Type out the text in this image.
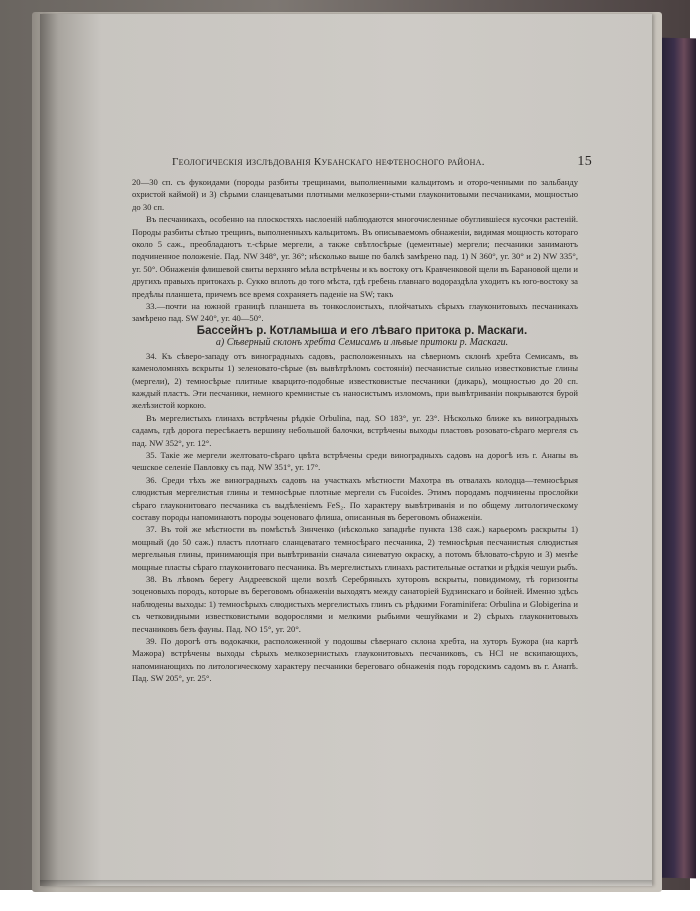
Геологическія изслѣдованія Кубанскаго нефтеносного района.	15

20—30 сп. съ фукоидами (породы разбиты трещинами, выполненными кальцитомъ и оторо-ченными по зальбанду охристой каймой) и 3) сѣрыми сланцеватыми плотными мелкозерни-стыми глауконитовыми песчаниками, мощностью до 30 сп.

Въ песчаникахъ, особенно на плоскостяхъ наслоеній наблюдаются многочисленные обуглившіеся кусочки растеній. Породы разбиты сѣтью трещинъ, выполненныхъ кальцитомъ. Въ описываемомъ обнаженіи, видимая мощность котораго около 5 саж., преобладаютъ т.-сѣрые мергели, а также свѣтлосѣрые (цементные) мергели; песчаники занимаютъ подчиненное положеніе. Пад. NW 348°, уг. 36°; нѣсколько выше по балкѣ замѣрено пад. 1) N 360°, уг. 30° и 2) NW 335°, уг. 50°. Обнаженія флишевой свиты верхняго мѣла встрѣчены и къ востоку отъ Кравченковой щели въ Барановой щели и другихъ правыхъ притокахъ р. Сукко вплоть до того мѣста, гдѣ гребень главнаго водораздѣла уходитъ къ юго-востоку за предѣлы планшета, причемъ все время сохраняетъ паденіе на SW; такъ

33.—почти на южной границѣ планшета въ тонкослоистыхъ, плойчатыхъ сѣрыхъ глауконитовыхъ песчаникахъ замѣрено пад. SW 240°, уг. 40—50°.

Бассейнъ р. Котламыша и его лѣваго притока р. Маскаги.

а) Сѣверный склонъ хребта Семисамъ и лѣвые притоки р. Маскаги.

34. Къ сѣверо-западу отъ виноградныхъ садовъ, расположенныхъ на сѣверномъ склонѣ хребта Семисамъ, въ каменоломняхъ вскрыты 1) зеленовато-сѣрые (въ вывѣтрѣломъ состояніи) песчанистые сильно известковистые глины (мергели), 2) темносѣрые плитные кварцито-подобные известковистые песчаники (дикарь), мощностью до 20 сп. каждый пластъ. Эти песчаники, немного кремнистые съ наносистымъ изломомъ, при вывѣтриваніи покрываются бурой желѣзистой коркою.

Въ мергелистыхъ глинахъ встрѣчены рѣдкіе Orbulina, пад. SO 183°, уг. 23°. Нѣсколько ближе къ виноградныхъ садамъ, гдѣ дорога пересѣкаетъ вершину небольшой балочки, встрѣчены выходы пластовъ розовато-сѣраго мергеля съ пад. NW 352°, уг. 12°.

35. Такіе же мергели желтовато-сѣраго цвѣта встрѣчены среди виноградныхъ садовъ на дорогѣ изъ г. Анапы въ чешское селеніе Павловку съ пад. NW 351°, уг. 17°.

36. Среди тѣхъ же виноградныхъ садовъ на участкахъ мѣстности Махотра въ отвалахъ колодца—темносѣрыя слюдистыя мергелистыя глины и темносѣрые плотные мергели съ Fucoides. Этимъ породамъ подчинены прослойки сѣраго глауконитоваго песчаника съ выдѣленіемъ FeS₂. По характеру вывѣтриванія и по общему литологическому составу породы напоминаютъ породы эоценоваго флиша, описанныя въ береговомъ обнаженіи.

37. Въ той же мѣстности въ помѣстьѣ Зинченко (нѣсколько западнѣе пункта 138 саж.) карьеромъ раскрыты 1) мощный (до 50 саж.) пластъ плотнаго сланцеватаго темносѣраго песчаника, 2) темносѣрыя песчанистыя слюдистыя мергельныя глины, принимающія при вывѣтриваніи сначала синеватую окраску, а потомъ бѣловато-сѣрую и 3) менѣе мощные пласты сѣраго глауконитоваго песчаника. Въ мергелистыхъ глинахъ растительные остатки и рѣдкія чешуи рыбъ.

38. Въ лѣвомъ берегу Андреевской щели возлѣ Серебряныхъ хуторовъ вскрыты, повидимому, тѣ горизонты эоценовыхъ породъ, которые въ береговомъ обнаженіи выходятъ между санаторіей Будзинскаго и бойней. Именно здѣсь наблюдены выходы: 1) темносѣрыхъ слюдистыхъ мергелистыхъ глинъ съ рѣдкими Foraminifera: Orbulina и Globigerina и съ четковидными известковистыми водорослями и мелкими рыбьими чешуйками и 2) сѣрыхъ глауконитовыхъ песчаниковъ безъ фауны. Пад. NO 15°, уг. 20°.

39. По дорогѣ отъ водокачки, расположенной у подошвы сѣвернаго склона хребта, на хуторъ Бужора (на картѣ Мажора) встрѣчены выходы сѣрыхъ мелкозернистыхъ глауконитовыхъ песчаниковъ, съ HCl не вскипающихъ, напоминающихъ по литологическому характеру песчаники береговаго обнаженія подъ городскимъ садомъ въ г. Анапѣ. Пад. SW 205°, уг. 25°.
